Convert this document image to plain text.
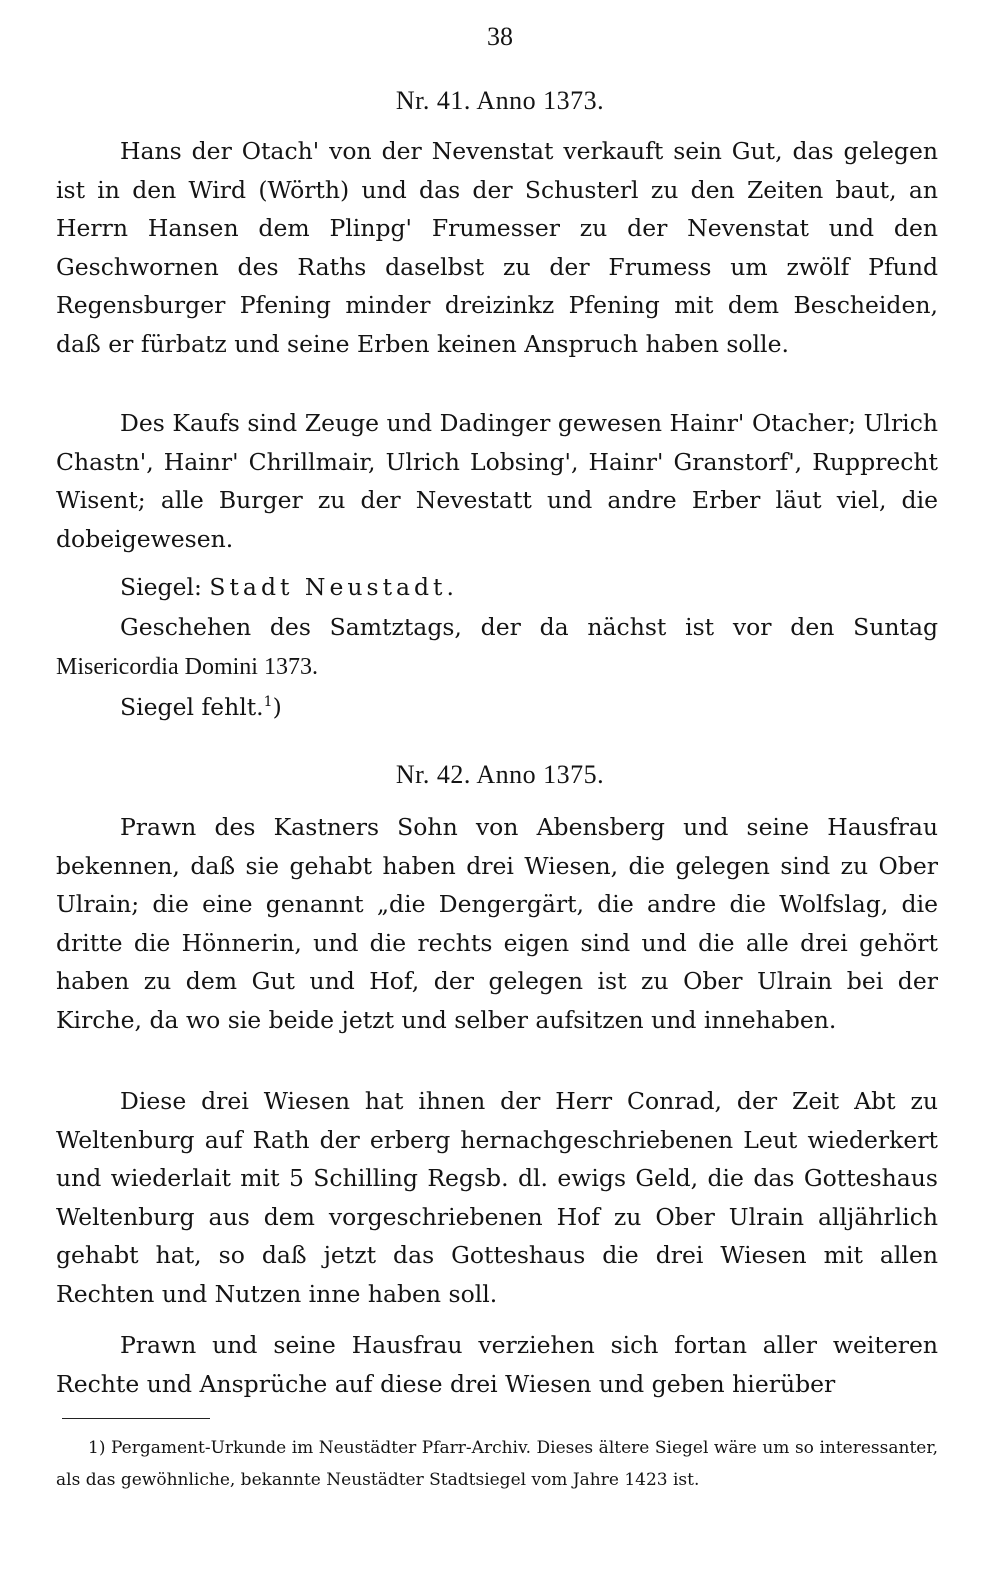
38
Nr. 41. Anno 1373.
Hans der Otach' von der Nevenstat verkauft sein Gut, das gelegen ist in den Wird (Wörth) und das der Schusterl zu den Zeiten baut, an Herrn Hansen dem Plinpg' Frumesser zu der Nevenstat und den Geschwornen des Raths daselbst zu der Frumess um zwölf Pfund Regensburger Pfening minder dreizinkz Pfening mit dem Bescheiden, daß er fürbatz und seine Erben keinen Anspruch haben solle.
Des Kaufs sind Zeuge und Dadinger gewesen Hainr' Otacher; Ulrich Chastn', Hainr' Chrillmair, Ulrich Lobsing', Hainr' Granstorf', Rupprecht Wisent; alle Burger zu der Nevestatt und andre Erber läut viel, die dobeigewesen.
Siegel: Stadt Neustadt.
Geschehen des Samtztags, der da nächst ist vor den Suntag Misericordia Domini 1373.
Siegel fehlt.$^1$)
Nr. 42. Anno 1375.
Prawn des Kastners Sohn von Abensberg und seine Hausfrau bekennen, daß sie gehabt haben drei Wiesen, die gelegen sind zu Ober Ulrain; die eine genannt „die Dengergärt, die andre die Wolfslag, die dritte die Hönnerin, und die rechts eigen sind und die alle drei gehört haben zu dem Gut und Hof, der gelegen ist zu Ober Ulrain bei der Kirche, da wo sie beide jetzt und selber aufsitzen und innehaben.
Diese drei Wiesen hat ihnen der Herr Conrad, der Zeit Abt zu Weltenburg auf Rath der erberg hernachgeschriebenen Leut wiederkert und wiederlait mit 5 Schilling Regsb. dl. ewigs Geld, die das Gotteshaus Weltenburg aus dem vorgeschriebenen Hof zu Ober Ulrain alljährlich gehabt hat, so daß jetzt das Gotteshaus die drei Wiesen mit allen Rechten und Nutzen inne haben soll.
Prawn und seine Hausfrau verziehen sich fortan aller weiteren Rechte und Ansprüche auf diese drei Wiesen und geben hierüber
1) Pergament-Urkunde im Neustädter Pfarr-Archiv. Dieses ältere Siegel wäre um so interessanter, als das gewöhnliche, bekannte Neustädter Stadtsiegel vom Jahre 1423 ist.
